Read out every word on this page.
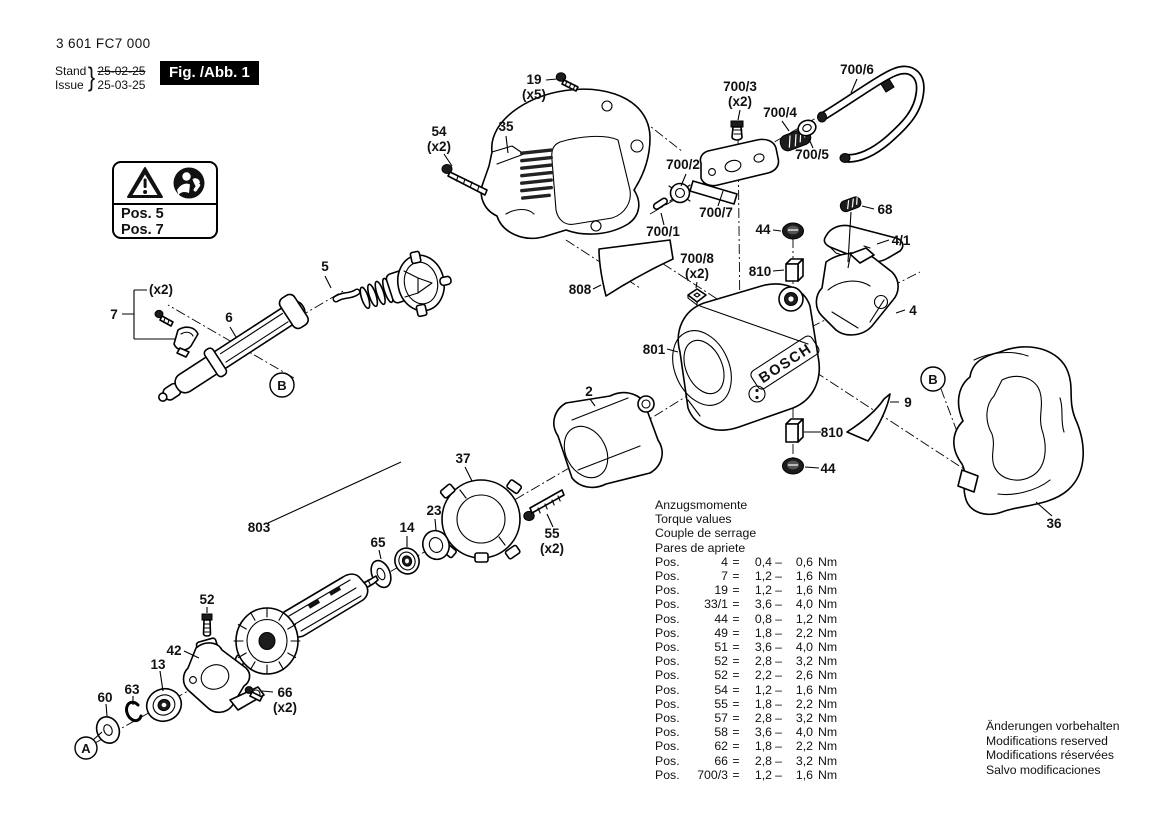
3 601 FC7 000
Stand
Issue } 25-02-25
25-03-25
Fig. /Abb. 1
Pos. 5
Pos. 7
Anzugsmomente
Torque values
Couple de serrage
Pares de apriete
Pos.	4 =	0,4 –	0,6 Nm
Pos.	7 =	1,2 –	1,6 Nm
Pos.	19 =	1,2 –	1,6 Nm
Pos.	33/1 =	3,6 –	4,0 Nm
Pos.	44 =	0,8 –	1,2 Nm
Pos.	49 =	1,8 –	2,2 Nm
Pos.	51 =	3,6 –	4,0 Nm
Pos.	52 =	2,8 –	3,2 Nm
Pos.	52 =	2,2 –	2,6 Nm
Pos.	54 =	1,2 –	1,6 Nm
Pos.	55 =	1,8 –	2,2 Nm
Pos.	57 =	2,8 –	3,2 Nm
Pos.	58 =	3,6 –	4,0 Nm
Pos.	62 =	1,8 –	2,2 Nm
Pos.	66 =	2,8 –	3,2 Nm
Pos.	700/3 =	1,2 –	1,6 Nm
Änderungen vorbehalten
Modifications reserved
Modifications réservées
Salvo modificaciones
BOSCH
19
(x5)
54
(x2)
35
700/3
(x2)
700/4
700/6
700/5
700/2
700/7
700/1
68
44
810
4/1
700/8
(x2)
808
801
4
7
(x2)
5
6
2
37
9
810
44
36
803
65
14
23
55
(x2)
52
42
13
63
60	66
(x2)
B	B
A
